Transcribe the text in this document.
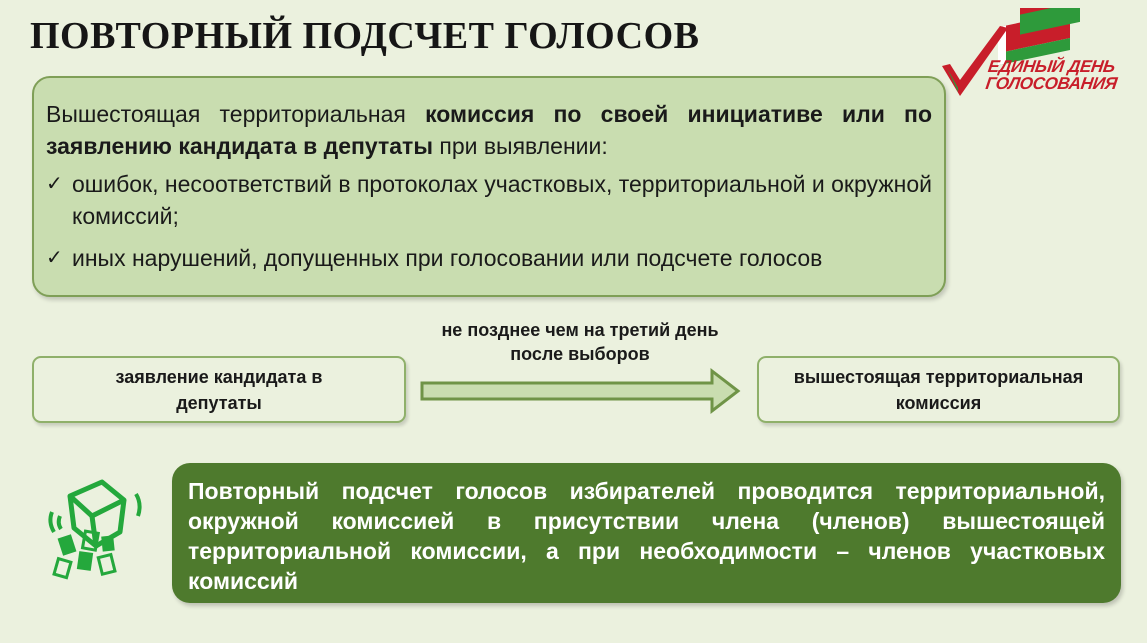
ПОВТОРНЫЙ ПОДСЧЕТ ГОЛОСОВ
ЕДИНЫЙ ДЕНЬ
ГОЛОСОВАНИЯ

Вышестоящая территориальная комиссия по своей инициативе или по заявлению кандидата в депутаты при выявлении:

✓ ошибок, несоответствий в протоколах участковых, территориальной и окружной комиссий;
✓ иных нарушений, допущенных при голосовании или подсчете голосов
не позднее чем на третий день после выборов
заявление кандидата в депутаты
вышестоящая территориальная комиссия
Повторный подсчет голосов избирателей проводится территориальной, окружной комиссией в присутствии члена (членов) вышестоящей территориальной комиссии, а при необходимости – членов участковых комиссий
